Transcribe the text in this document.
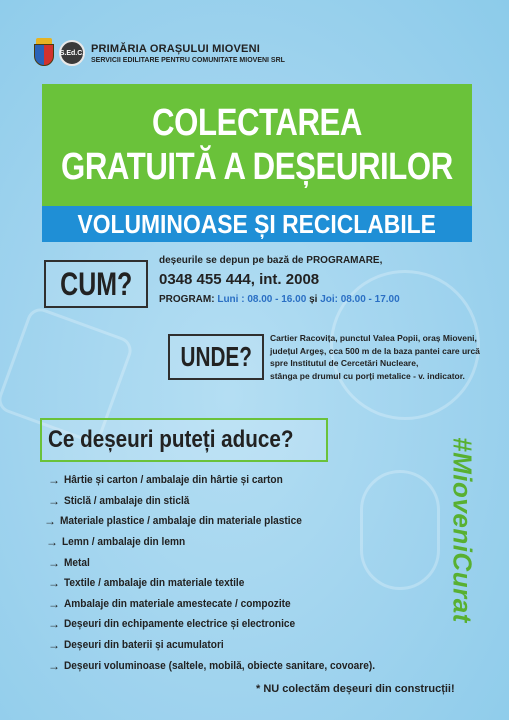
S.Ed.C. PRIMĂRIA ORAȘULUI MIOVENI
SERVICII EDILITARE PENTRU COMUNITATE MIOVENI SRL
COLECTAREA
GRATUITĂ A DEȘEURILOR
VOLUMINOASE ȘI RECICLABILE
CUM?
deșeurile se depun pe bază de PROGRAMARE,
0348 455 444, int. 2008
PROGRAM: Luni : 08.00 - 16.00 și Joi: 08.00 - 17.00
UNDE?
Cartier Racovița, punctul Valea Popii, oraș Mioveni,
județul Argeș, cca 500 m de la baza pantei care urcă
spre Institutul de Cercetări Nucleare,
stânga pe drumul cu porți metalice - v. indicator.
Ce deșeuri puteți aduce?
→ Hârtie și carton / ambalaje din hârtie și carton
→ Sticlă / ambalaje din sticlă
→ Materiale plastice / ambalaje din materiale plastice
→ Lemn / ambalaje din lemn
→ Metal
→ Textile / ambalaje din materiale textile
→ Ambalaje din materiale amestecate / compozite
→ Deșeuri din echipamente electrice și electronice
→ Deșeuri din baterii și acumulatori
→ Deșeuri voluminoase (saltele, mobilă, obiecte sanitare, covoare).
#MioveniCurat
* NU colectăm deșeuri din construcții!
